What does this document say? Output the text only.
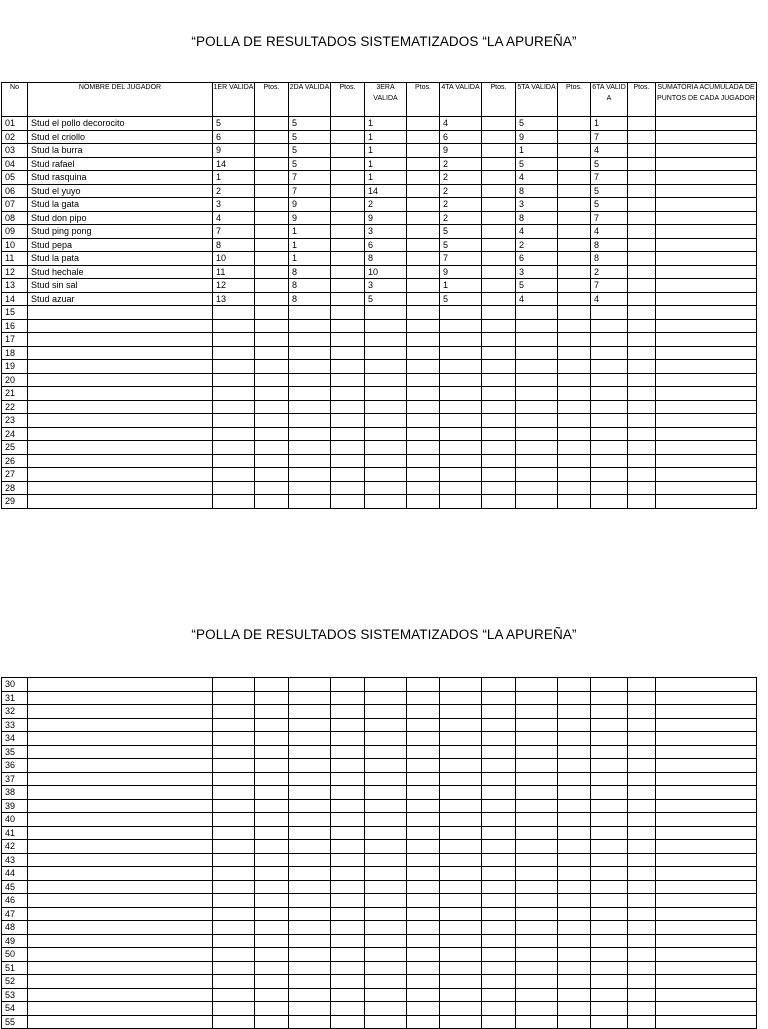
“POLLA DE RESULTADOS SISTEMATIZADOS “LA APUREÑA”
No	NOMBRE DEL JUGADOR	1ER VALIDA	Ptos.	2DA VALIDA	Ptos.	3ERA VALIDA	Ptos.	4TA VALIDA	Ptos.	5TA VALIDA	Ptos.	6TA VALID A	Ptos.	SUMATORIA ACUMULADA DE PUNTOS DE CADA JUGADOR
01	Stud el pollo decorocito	5		5		1		4		5		1		
02	Stud el criollo	6		5		1		6		9		7		
03	Stud la burra	9		5		1		9		1		4		
04	Stud rafael	14		5		1		2		5		5		
05	Stud rasquina	1		7		1		2		4		7		
06	Stud el yuyo	2		7		14		2		8		5		
07	Stud la gata	3		9		2		2		3		5		
08	Stud don pipo	4		9		9		2		8		7		
09	Stud ping pong	7		1		3		5		4		4		
10	Stud pepa	8		1		6		5		2		8		
11	Stud la pata	10		1		8		7		6		8		
12	Stud hechale	11		8		10		9		3		2		
13	Stud sin sal	12		8		3		1		5		7		
14	Stud azuar	13		8		5		5		4		4		
15														
16														
17														
18														
19														
20														
21														
22														
23														
24														
25														
26														
27														
28														
29														
“POLLA DE RESULTADOS SISTEMATIZADOS “LA APUREÑA”
30														
31														
32														
33														
34														
35														
36														
37														
38														
39														
40														
41														
42														
43														
44														
45														
46														
47														
48														
49														
50														
51														
52														
53														
54														
55														
